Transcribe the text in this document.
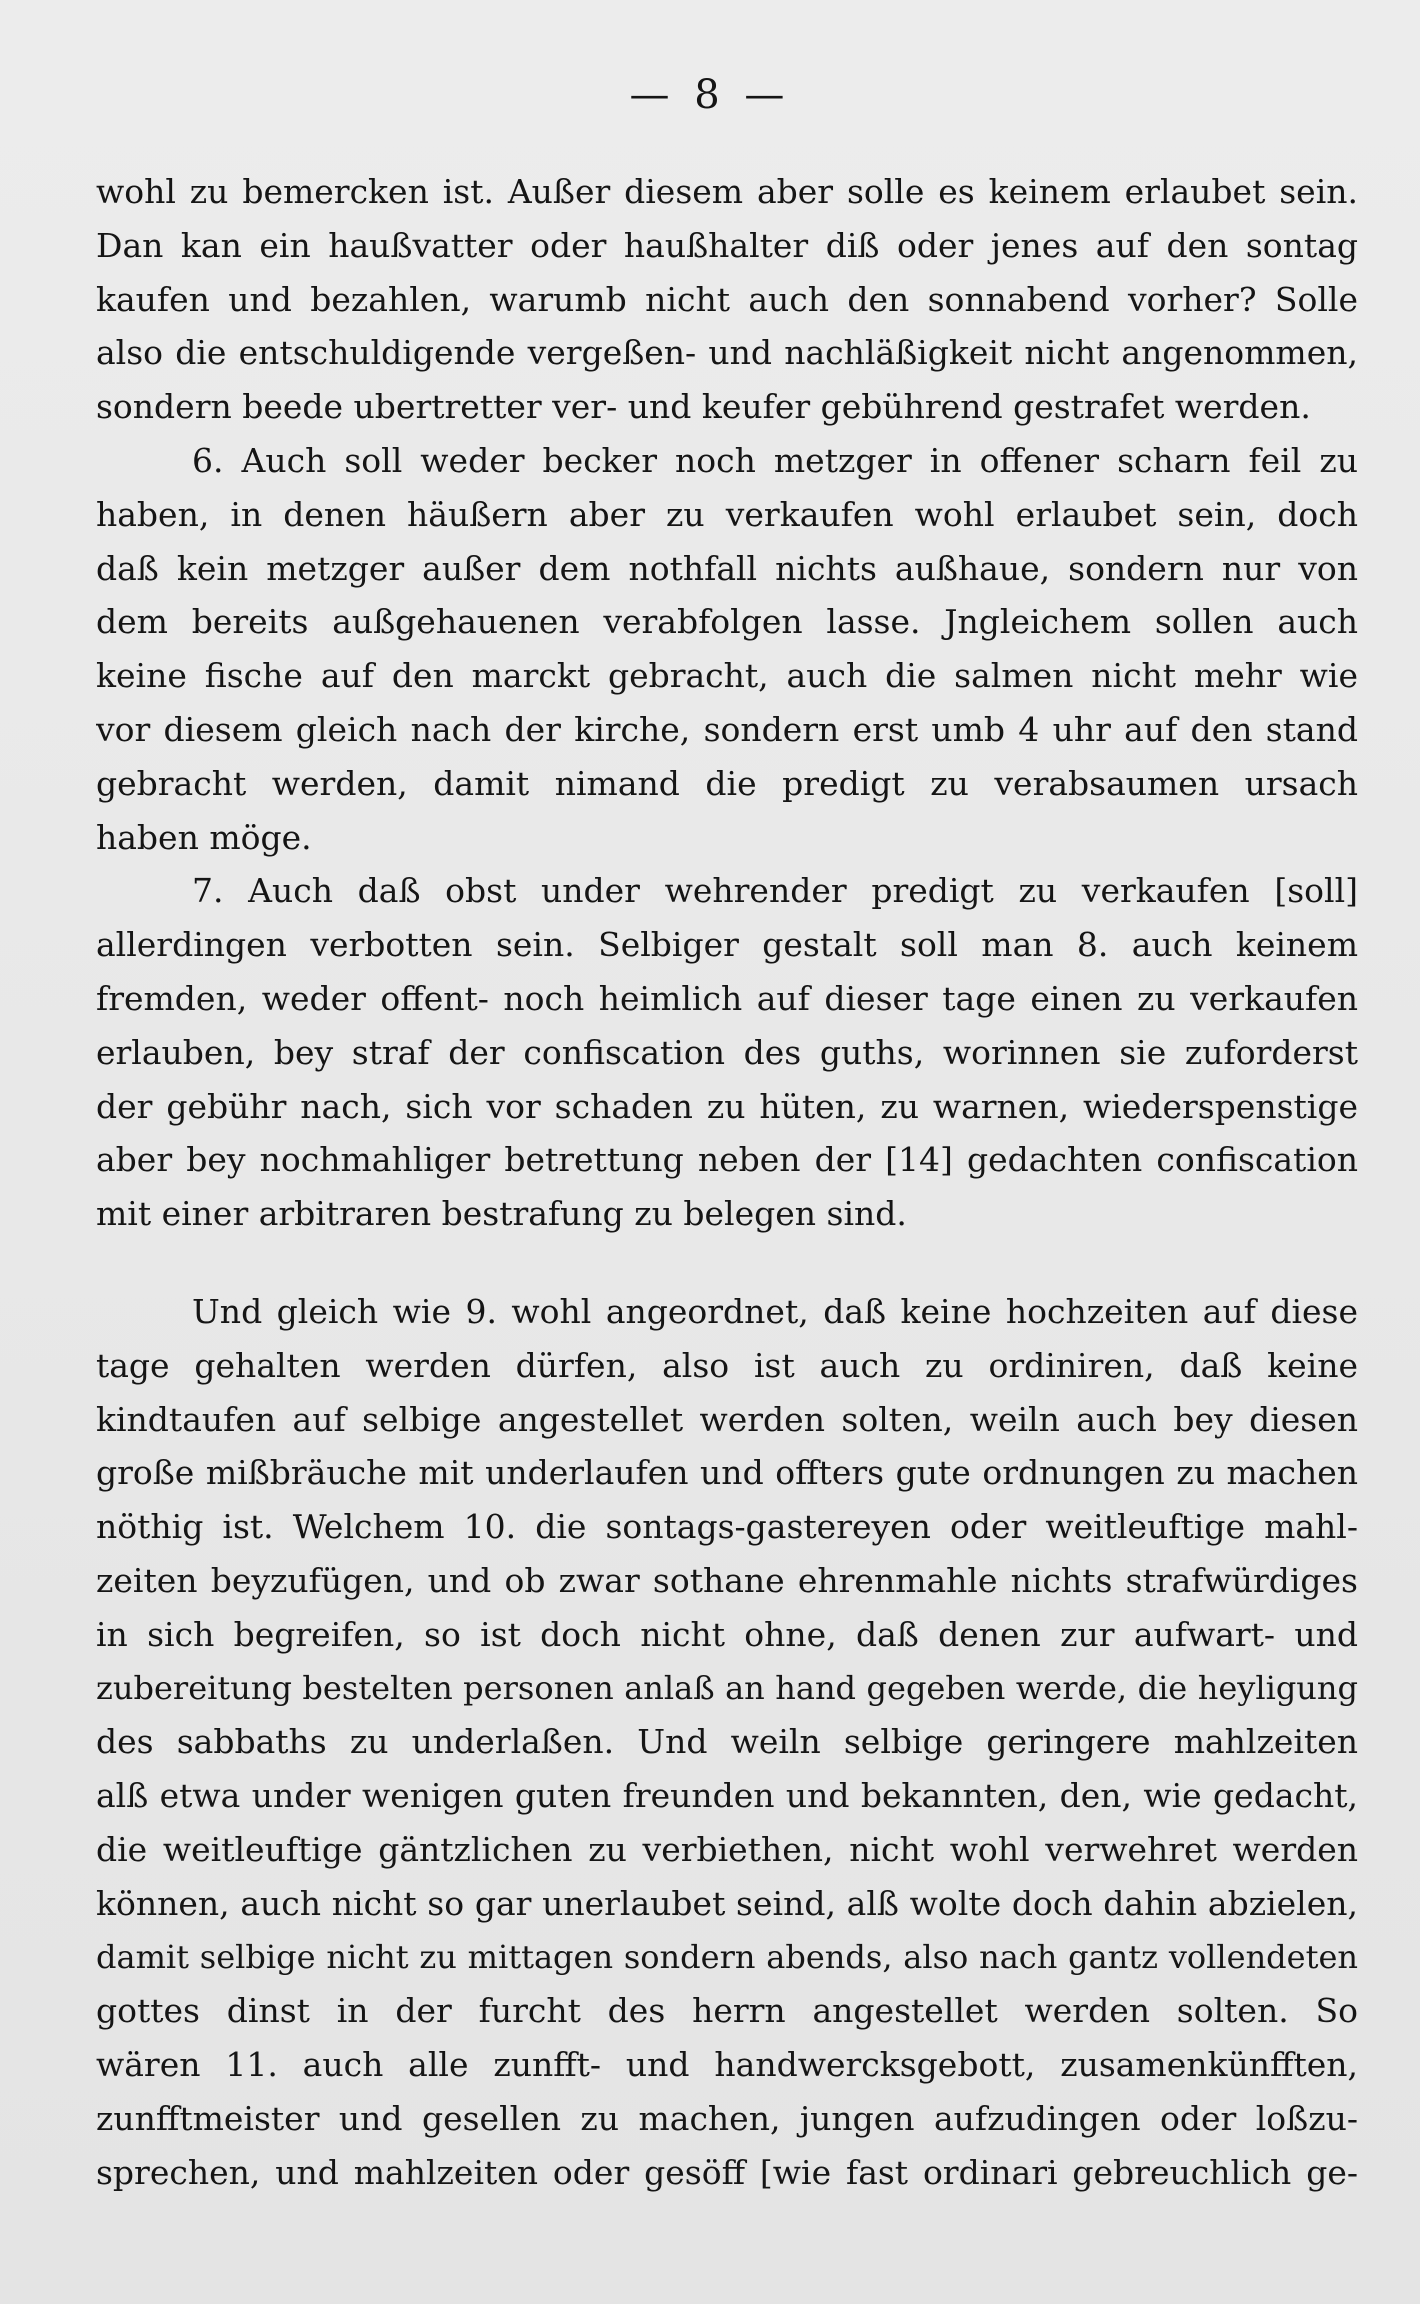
— 8 —
wohl zu bemercken ist. Außer diesem aber solle es keinem erlaubet sein.
Dan kan ein haußvatter oder haußhalter diß oder jenes auf den sontag
kaufen und bezahlen, warumb nicht auch den sonnabend vorher? Solle
also die entschuldigende vergeßen- und nachläßigkeit nicht angenommen,
sondern beede ubertretter ver- und keufer gebührend gestrafet werden.
6. Auch soll weder becker noch metzger in offener scharn feil zu
haben, in denen häußern aber zu verkaufen wohl erlaubet sein, doch
daß kein metzger außer dem nothfall nichts außhaue, sondern nur von
dem bereits außgehauenen verabfolgen lasse. Jngleichem sollen auch
keine fische auf den marckt gebracht, auch die salmen nicht mehr wie
vor diesem gleich nach der kirche, sondern erst umb 4 uhr auf den stand
gebracht werden, damit nimand die predigt zu verabsaumen ursach
haben möge.
7. Auch daß obst under wehrender predigt zu verkaufen [soll]
allerdingen verbotten sein. Selbiger gestalt soll man 8. auch keinem
fremden, weder offent- noch heimlich auf dieser tage einen zu verkaufen
erlauben, bey straf der confiscation des guths, worinnen sie zuforderst
der gebühr nach, sich vor schaden zu hüten, zu warnen, wiederspenstige
aber bey nochmahliger betrettung neben der [14] gedachten confiscation
mit einer arbitraren bestrafung zu belegen sind.
Und gleich wie 9. wohl angeordnet, daß keine hochzeiten auf diese
tage gehalten werden dürfen, also ist auch zu ordiniren, daß keine
kindtaufen auf selbige angestellet werden solten, weiln auch bey diesen
große mißbräuche mit underlaufen und offters gute ordnungen zu machen
nöthig ist. Welchem 10. die sontags-gastereyen oder weitleuftige mahl-
zeiten beyzufügen, und ob zwar sothane ehrenmahle nichts strafwürdiges
in sich begreifen, so ist doch nicht ohne, daß denen zur aufwart- und
zubereitung bestelten personen anlaß an hand gegeben werde, die heyligung
des sabbaths zu underlaßen. Und weiln selbige geringere mahlzeiten
alß etwa under wenigen guten freunden und bekannten, den, wie gedacht,
die weitleuftige gäntzlichen zu verbiethen, nicht wohl verwehret werden
können, auch nicht so gar unerlaubet seind, alß wolte doch dahin abzielen,
damit selbige nicht zu mittagen sondern abends, also nach gantz vollendeten
gottes dinst in der furcht des herrn angestellet werden solten. So
wären 11. auch alle zunfft- und handwercksgebott, zusamenkünfften,
zunfftmeister und gesellen zu machen, jungen aufzudingen oder loßzu-
sprechen, und mahlzeiten oder gesöff [wie fast ordinari gebreuchlich ge-
